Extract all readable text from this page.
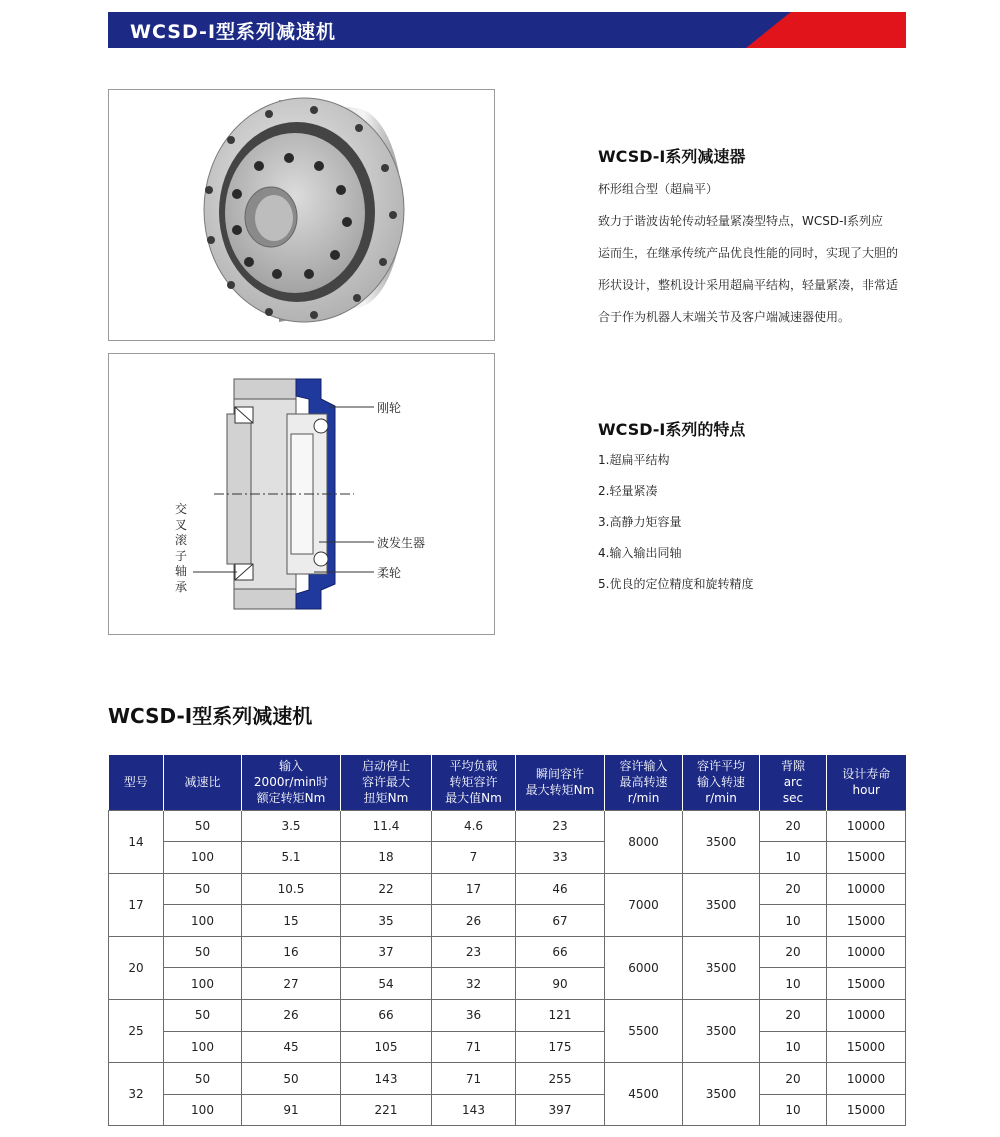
WCSD-Ⅰ型系列减速机
WCSD-Ⅰ系列减速器
杯形组合型（超扁平）

致力于谐波齿轮传动轻量紧凑型特点，WCSD-Ⅰ系列应

运而生，在继承传统产品优良性能的同时，实现了大胆的

形状设计，整机设计采用超扁平结构，轻量紧凑，非常适

合于作为机器人末端关节及客户端减速器使用。

刚轮
波发生器
柔轮
交
叉
滚
子
轴
承
WCSD-Ⅰ系列的特点
1.超扁平结构
2.轻量紧凑
3.高静力矩容量
4.输入输出同轴
5.优良的定位精度和旋转精度
WCSD-Ⅰ型系列减速机
型号	减速比	输入
2000r/min时
额定转矩Nm	启动停止
容许最大
扭矩Nm	平均负载
转矩容许
最大值Nm	瞬间容许
最大转矩Nm	容许输入
最高转速
r/min	容许平均
输入转速
r/min	背隙
arc
sec	设计寿命
hour

14	50	3.5	11.4	4.6	23	8000	3500	20	10000
	100	5.1	18	7	33			10	15000
17	50	10.5	22	17	46	7000	3500	20	10000
	100	15	35	26	67			10	15000
20	50	16	37	23	66	6000	3500	20	10000
	100	27	54	32	90			10	15000
25	50	26	66	36	121	5500	3500	20	10000
	100	45	105	71	175			10	15000
32	50	50	143	71	255	4500	3500	20	10000
	100	91	221	143	397			10	15000
